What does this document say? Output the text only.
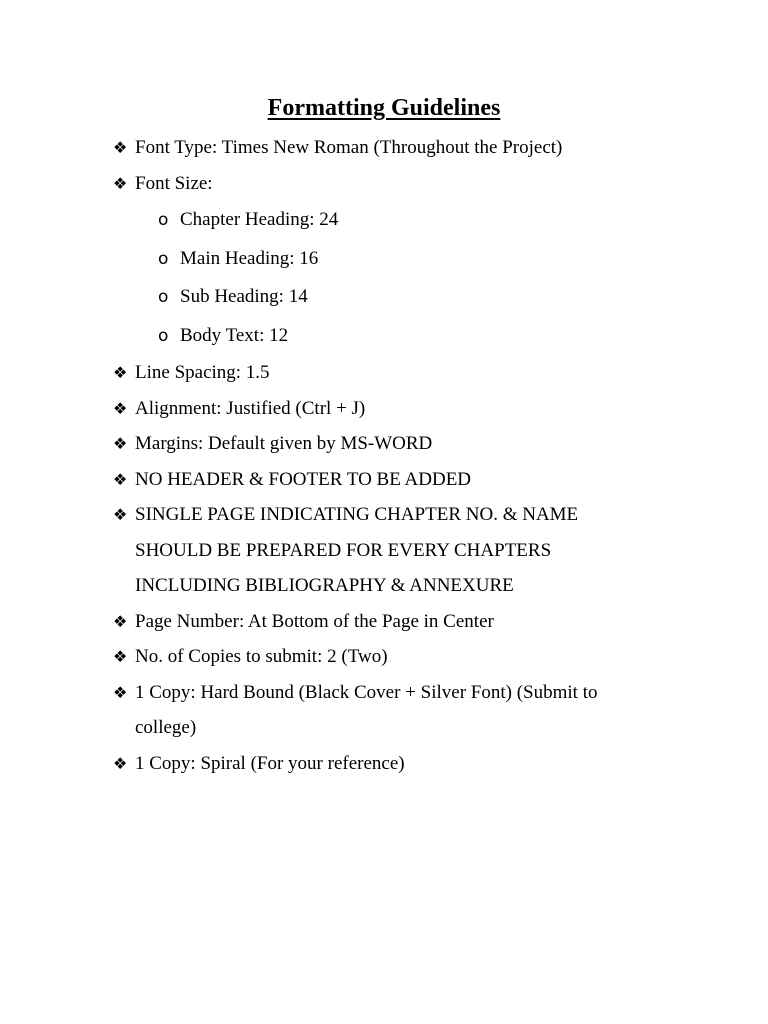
Formatting Guidelines
❖ Font Type: Times New Roman (Throughout the Project)
❖ Font Size:
o Chapter Heading: 24
o Main Heading: 16
o Sub Heading: 14
o Body Text: 12
❖ Line Spacing: 1.5
❖ Alignment: Justified (Ctrl + J)
❖ Margins: Default given by MS-WORD
❖ NO HEADER & FOOTER TO BE ADDED
❖ SINGLE PAGE INDICATING CHAPTER NO. & NAME SHOULD BE PREPARED FOR EVERY CHAPTERS INCLUDING BIBLIOGRAPHY & ANNEXURE
❖ Page Number: At Bottom of the Page in Center
❖ No. of Copies to submit: 2 (Two)
❖ 1 Copy: Hard Bound (Black Cover + Silver Font) (Submit to college)
❖ 1 Copy: Spiral (For your reference)
